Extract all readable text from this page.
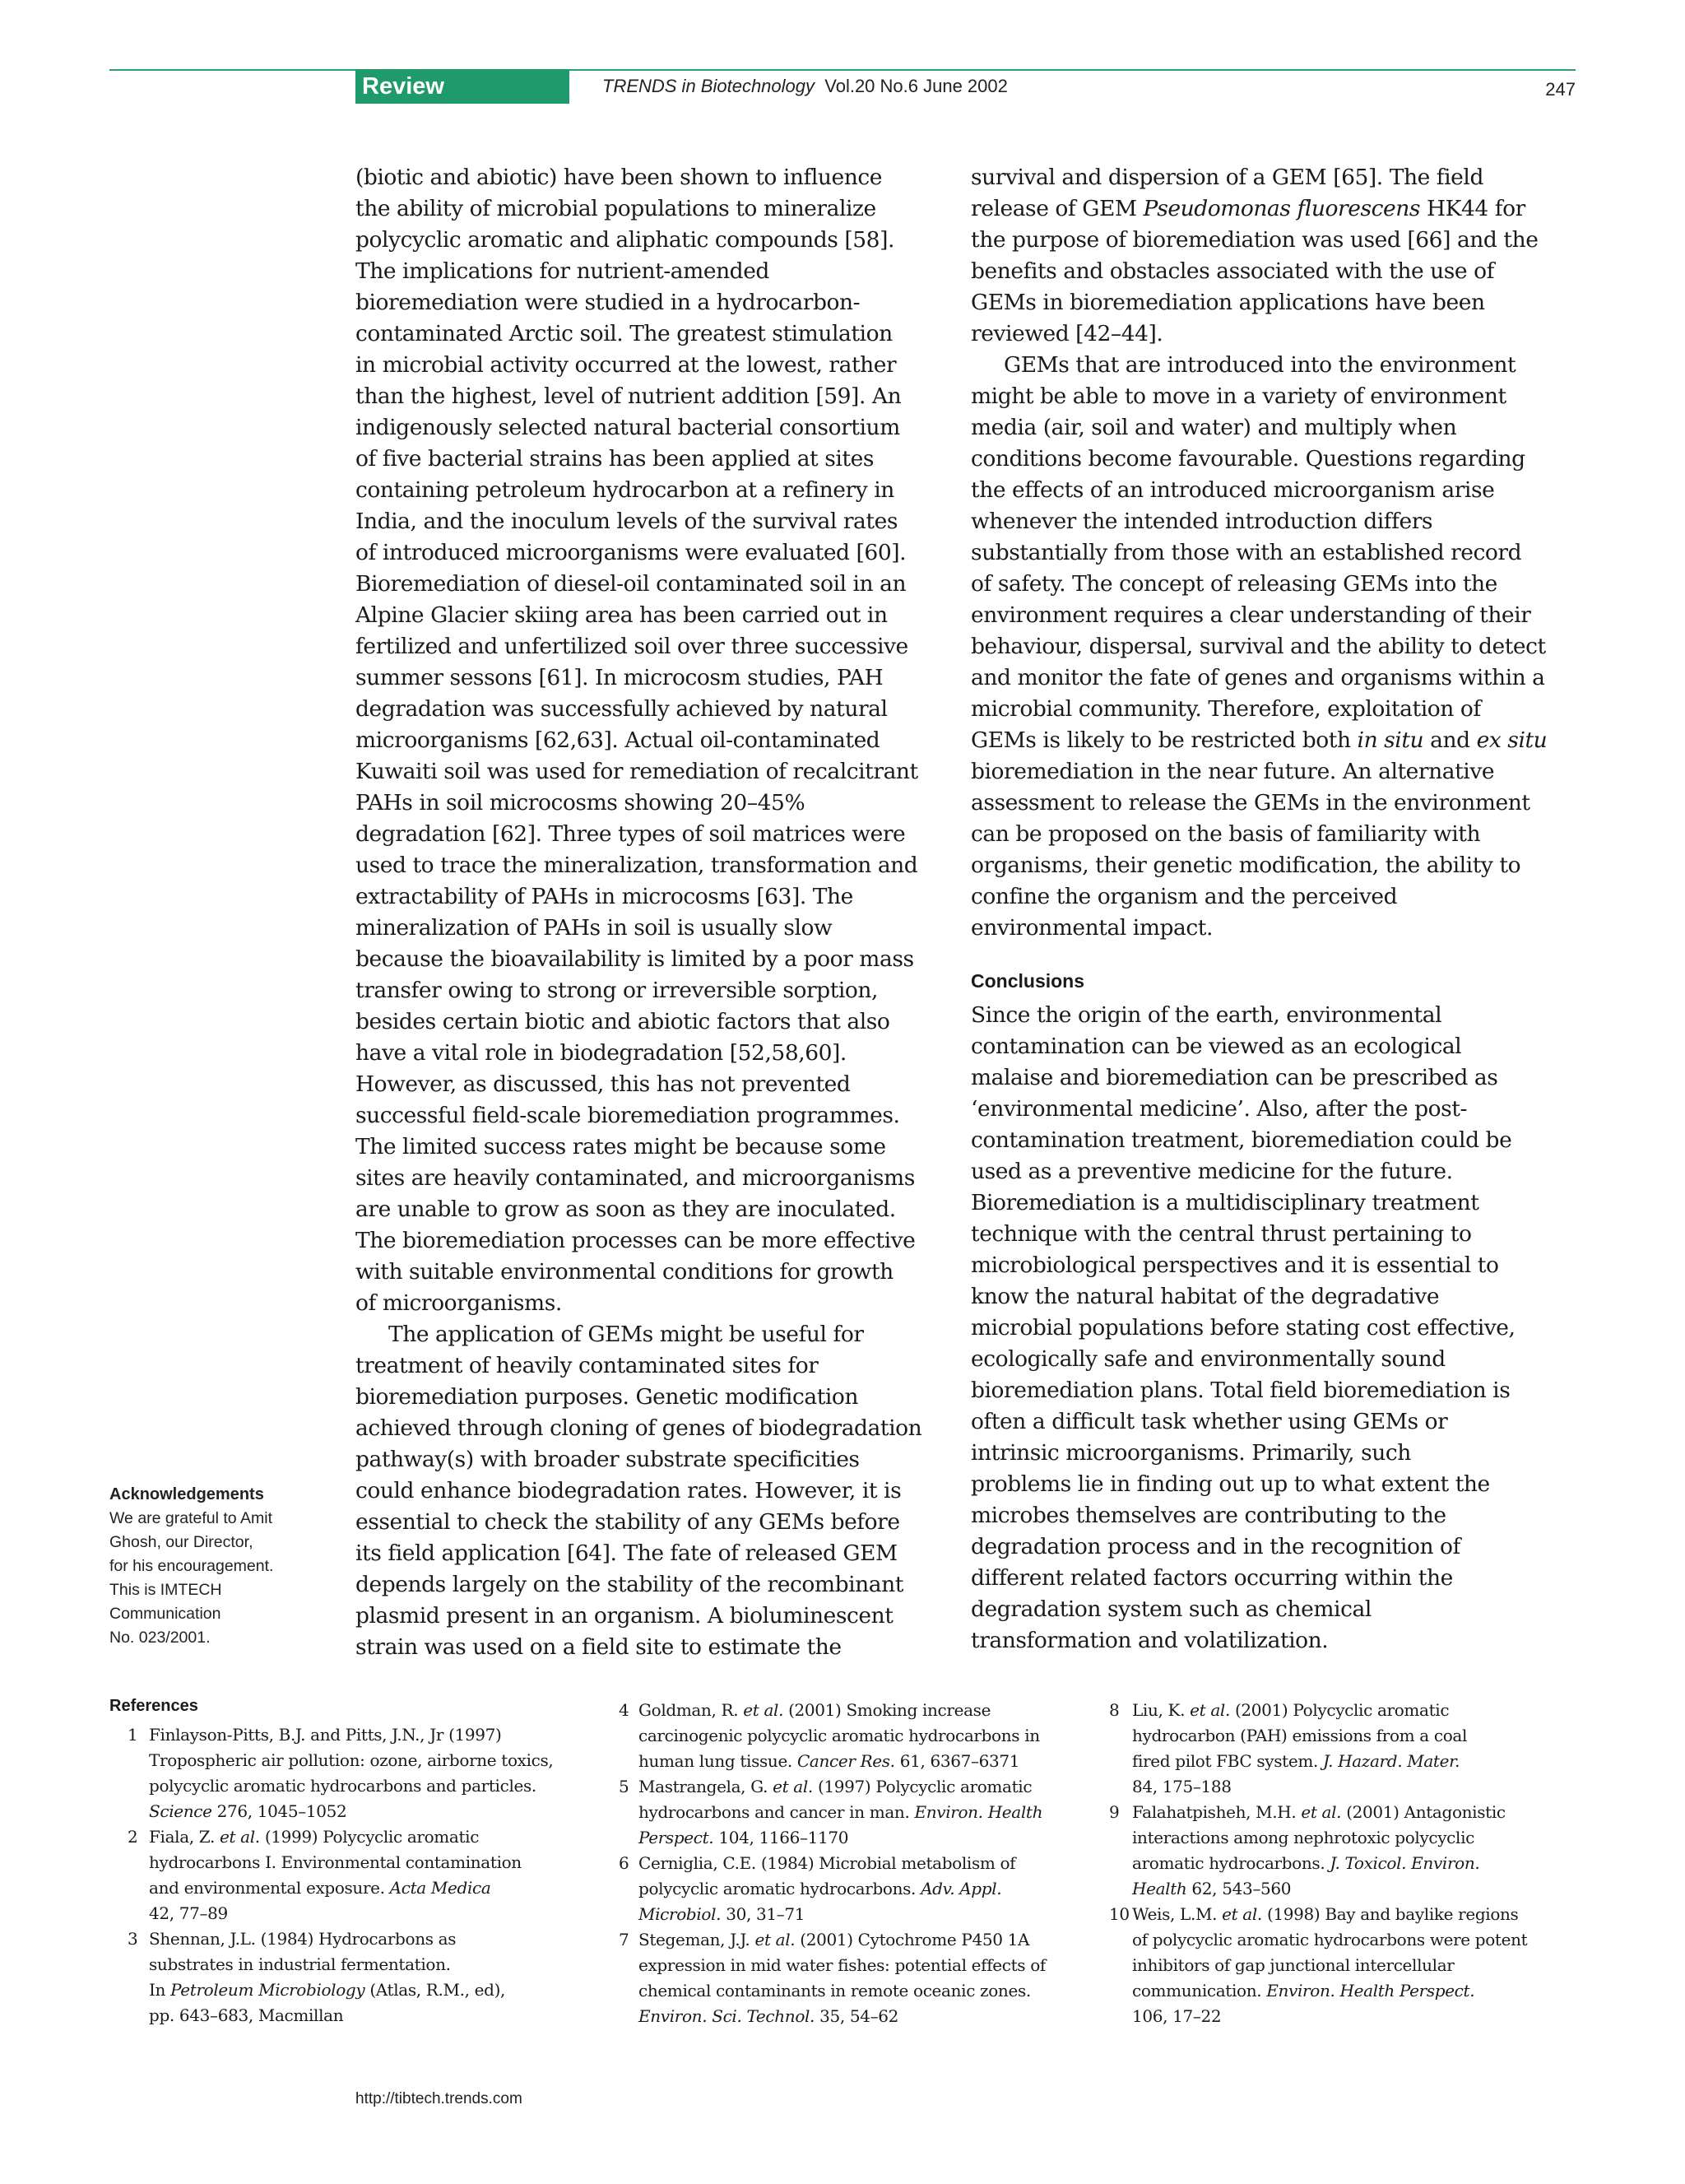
Review	TRENDS in Biotechnology Vol.20 No.6 June 2002	247

(biotic and abiotic) have been shown to influence

the ability of microbial populations to mineralize

polycyclic aromatic and aliphatic compounds [58].

The implications for nutrient-amended

bioremediation were studied in a hydrocarbon-

contaminated Arctic soil. The greatest stimulation

in microbial activity occurred at the lowest, rather

than the highest, level of nutrient addition [59]. An

indigenously selected natural bacterial consortium

of five bacterial strains has been applied at sites

containing petroleum hydrocarbon at a refinery in

India, and the inoculum levels of the survival rates

of introduced microorganisms were evaluated [60].

Bioremediation of diesel-oil contaminated soil in an

Alpine Glacier skiing area has been carried out in

fertilized and unfertilized soil over three successive

summer sessons [61]. In microcosm studies, PAH

degradation was successfully achieved by natural

microorganisms [62,63]. Actual oil-contaminated

Kuwaiti soil was used for remediation of recalcitrant

PAHs in soil microcosms showing 20–45%

degradation [62]. Three types of soil matrices were

used to trace the mineralization, transformation and

extractability of PAHs in microcosms [63]. The

mineralization of PAHs in soil is usually slow

because the bioavailability is limited by a poor mass

transfer owing to strong or irreversible sorption,

besides certain biotic and abiotic factors that also

have a vital role in biodegradation [52,58,60].

However, as discussed, this has not prevented

successful field-scale bioremediation programmes.

The limited success rates might be because some

sites are heavily contaminated, and microorganisms

are unable to grow as soon as they are inoculated.

The bioremediation processes can be more effective

with suitable environmental conditions for growth

of microorganisms.

The application of GEMs might be useful for

treatment of heavily contaminated sites for

bioremediation purposes. Genetic modification

achieved through cloning of genes of biodegradation

pathway(s) with broader substrate specificities

could enhance biodegradation rates. However, it is

essential to check the stability of any GEMs before

its field application [64]. The fate of released GEM

depends largely on the stability of the recombinant

plasmid present in an organism. A bioluminescent

strain was used on a field site to estimate the

survival and dispersion of a GEM [65]. The field

release of GEM Pseudomonas fluorescens HK44 for

the purpose of bioremediation was used [66] and the

benefits and obstacles associated with the use of

GEMs in bioremediation applications have been

reviewed [42–44].

GEMs that are introduced into the environment

might be able to move in a variety of environment

media (air, soil and water) and multiply when

conditions become favourable. Questions regarding

the effects of an introduced microorganism arise

whenever the intended introduction differs

substantially from those with an established record

of safety. The concept of releasing GEMs into the

environment requires a clear understanding of their

behaviour, dispersal, survival and the ability to detect

and monitor the fate of genes and organisms within a

microbial community. Therefore, exploitation of

GEMs is likely to be restricted both in situ and ex situ

bioremediation in the near future. An alternative

assessment to release the GEMs in the environment

can be proposed on the basis of familiarity with

organisms, their genetic modification, the ability to

confine the organism and the perceived

environmental impact.

Conclusions

Since the origin of the earth, environmental

contamination can be viewed as an ecological

malaise and bioremediation can be prescribed as

‘environmental medicine’. Also, after the post-

contamination treatment, bioremediation could be

used as a preventive medicine for the future.

Bioremediation is a multidisciplinary treatment

technique with the central thrust pertaining to

microbiological perspectives and it is essential to

know the natural habitat of the degradative

microbial populations before stating cost effective,

ecologically safe and environmentally sound

bioremediation plans. Total field bioremediation is

often a difficult task whether using GEMs or

intrinsic microorganisms. Primarily, such

problems lie in finding out up to what extent the

microbes themselves are contributing to the

degradation process and in the recognition of

different related factors occurring within the

degradation system such as chemical

transformation and volatilization.

Acknowledgements

We are grateful to Amit

Ghosh, our Director,

for his encouragement.

This is IMTECH

Communication

No. 023/2001.

References
1 Finlayson-Pitts, B.J. and Pitts, J.N., Jr (1997)
Tropospheric air pollution: ozone, airborne toxics,
polycyclic aromatic hydrocarbons and particles.
Science 276, 1045–1052
2 Fiala, Z. et al. (1999) Polycyclic aromatic
hydrocarbons I. Environmental contamination
and environmental exposure. Acta Medica
42, 77–89
3 Shennan, J.L. (1984) Hydrocarbons as
substrates in industrial fermentation.
In Petroleum Microbiology (Atlas, R.M., ed),
pp. 643–683, Macmillan
4 Goldman, R. et al. (2001) Smoking increase
carcinogenic polycyclic aromatic hydrocarbons in
human lung tissue. Cancer Res. 61, 6367–6371
5 Mastrangela, G. et al. (1997) Polycyclic aromatic
hydrocarbons and cancer in man. Environ. Health
Perspect. 104, 1166–1170
6 Cerniglia, C.E. (1984) Microbial metabolism of
polycyclic aromatic hydrocarbons. Adv. Appl.
Microbiol. 30, 31–71
7 Stegeman, J.J. et al. (2001) Cytochrome P450 1A
expression in mid water fishes: potential effects of
chemical contaminants in remote oceanic zones.
Environ. Sci. Technol. 35, 54–62
8 Liu, K. et al. (2001) Polycyclic aromatic
hydrocarbon (PAH) emissions from a coal
fired pilot FBC system. J. Hazard. Mater.
84, 175–188
9 Falahatpisheh, M.H. et al. (2001) Antagonistic
interactions among nephrotoxic polycyclic
aromatic hydrocarbons. J. Toxicol. Environ.
Health 62, 543–560
10 Weis, L.M. et al. (1998) Bay and baylike regions
of polycyclic aromatic hydrocarbons were potent
inhibitors of gap junctional intercellular
communication. Environ. Health Perspect.
106, 17–22
http://tibtech.trends.com
